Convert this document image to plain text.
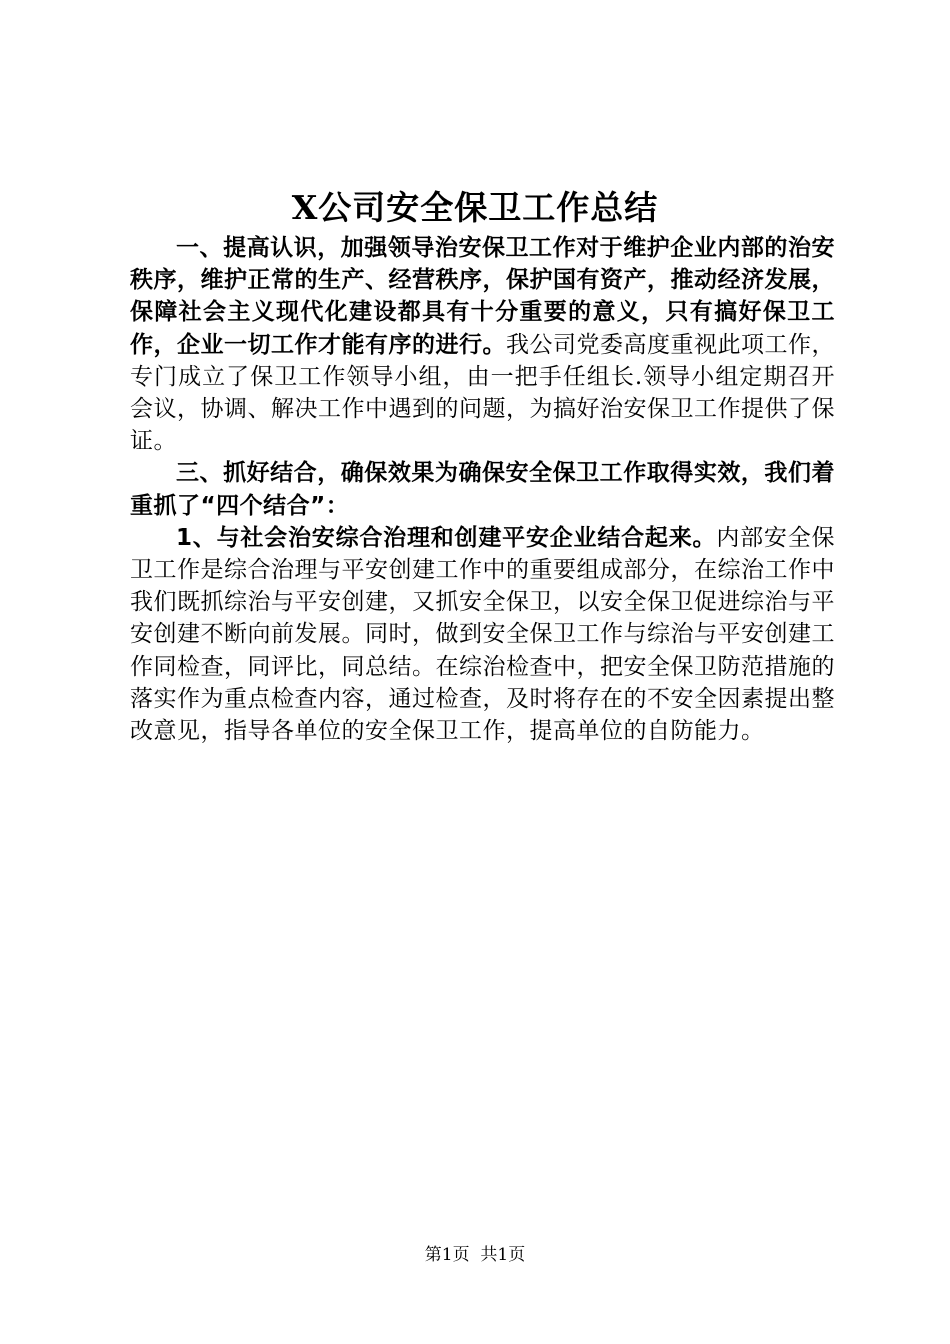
X公司安全保卫工作总结

一、提高认识，加强领导治安保卫工作对于维护企业内部的治安秩序，维护正常的生产、经营秩序，保护国有资产，推动经济发展，保障社会主义现代化建设都具有十分重要的意义，只有搞好保卫工作，企业一切工作才能有序的进行。我公司党委高度重视此项工作，专门成立了保卫工作领导小组，由一把手任组长.领导小组定期召开会议，协调、解决工作中遇到的问题，为搞好治安保卫工作提供了保证。

三、抓好结合，确保效果为确保安全保卫工作取得实效，我们着重抓了“四个结合”：

1、与社会治安综合治理和创建平安企业结合起来。内部安全保卫工作是综合治理与平安创建工作中的重要组成部分，在综治工作中我们既抓综治与平安创建，又抓安全保卫，以安全保卫促进综治与平安创建不断向前发展。同时，做到安全保卫工作与综治与平安创建工作同检查，同评比，同总结。在综治检查中，把安全保卫防范措施的落实作为重点检查内容，通过检查，及时将存在的不安全因素提出整改意见，指导各单位的安全保卫工作，提高单位的自防能力。

第1页  共1页
